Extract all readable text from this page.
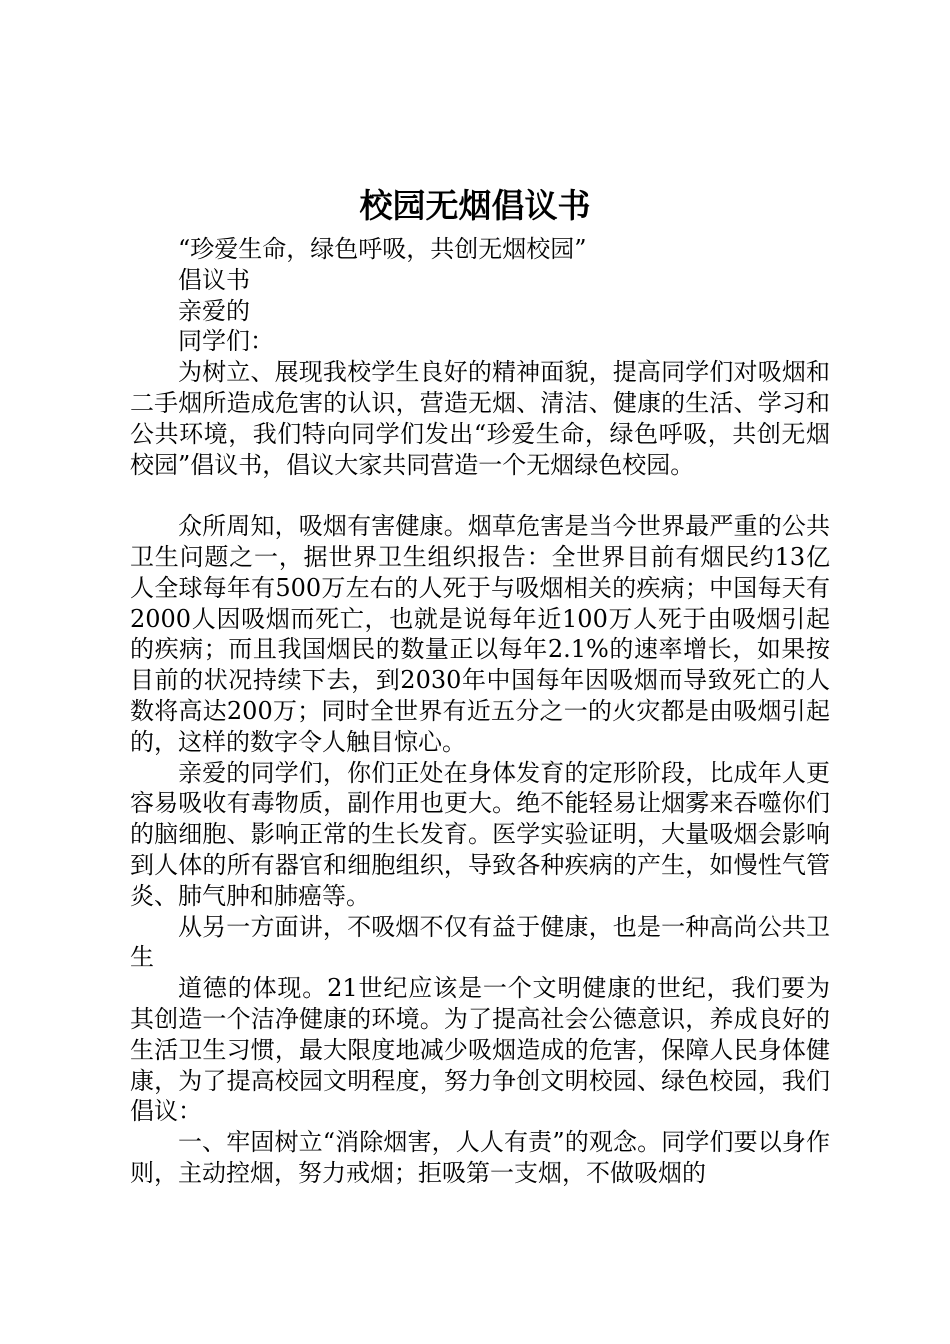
校园无烟倡议书

“珍爱生命，绿色呼吸，共创无烟校园”

倡议书

亲爱的

同学们：

为树立、展现我校学生良好的精神面貌，提高同学们对吸烟和二手烟所造成危害的认识，营造无烟、清洁、健康的生活、学习和公共环境，我们特向同学们发出“珍爱生命，绿色呼吸，共创无烟校园”倡议书，倡议大家共同营造一个无烟绿色校园。

众所周知，吸烟有害健康。烟草危害是当今世界最严重的公共卫生问题之一，据世界卫生组织报告：全世界目前有烟民约13亿人全球每年有500万左右的人死于与吸烟相关的疾病；中国每天有2000人因吸烟而死亡，也就是说每年近100万人死于由吸烟引起的疾病；而且我国烟民的数量正以每年2.1%的速率增长，如果按目前的状况持续下去，到2030年中国每年因吸烟而导致死亡的人数将高达200万；同时全世界有近五分之一的火灾都是由吸烟引起的，这样的数字令人触目惊心。

亲爱的同学们，你们正处在身体发育的定形阶段，比成年人更容易吸收有毒物质，副作用也更大。绝不能轻易让烟雾来吞噬你们的脑细胞、影响正常的生长发育。医学实验证明，大量吸烟会影响到人体的所有器官和细胞组织，导致各种疾病的产生，如慢性气管炎、肺气肿和肺癌等。

从另一方面讲，不吸烟不仅有益于健康，也是一种高尚公共卫生

道德的体现。21世纪应该是一个文明健康的世纪，我们要为其创造一个洁净健康的环境。为了提高社会公德意识，养成良好的生活卫生习惯，最大限度地减少吸烟造成的危害，保障人民身体健康，为了提高校园文明程度，努力争创文明校园、绿色校园，我们倡议：

一、牢固树立“消除烟害，人人有责”的观念。同学们要以身作则，主动控烟，努力戒烟；拒吸第一支烟，不做吸烟的
